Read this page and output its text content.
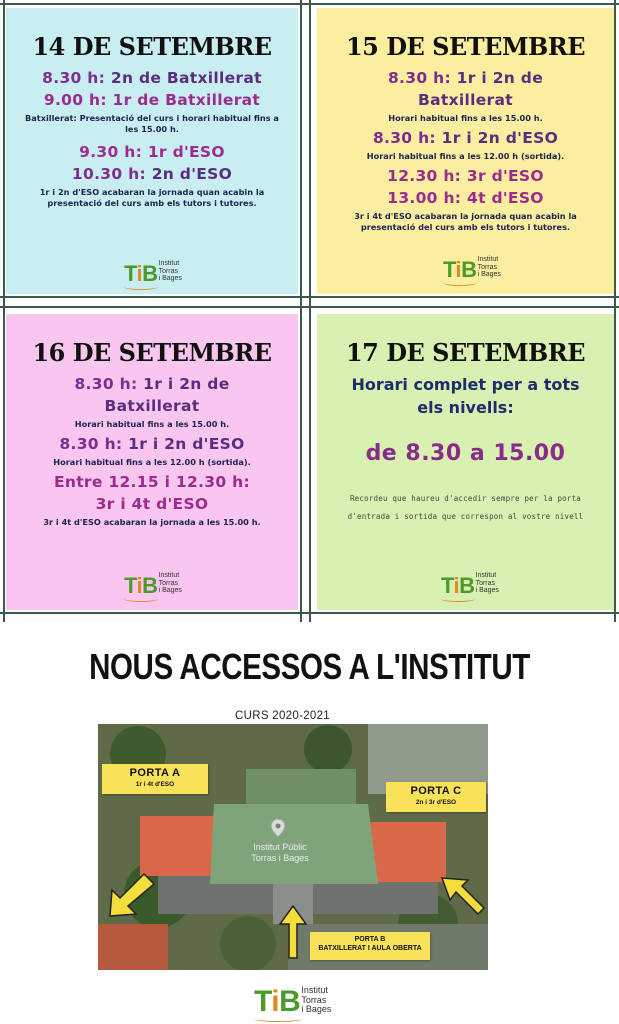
14 DE SETEMBRE
8.30 h: 2n de Batxillerat
9.00 h: 1r de Batxillerat
Batxillerat: Presentació del curs i horari habitual fins a les 15.00 h.
9.30 h: 1r d'ESO
10.30 h: 2n d'ESO
1r i 2n d'ESO acabaran la jornada quan acabin la presentació del curs amb els tutors i tutores.
TiB Institut
Torras
i Bages
15 DE SETEMBRE
8.30 h: 1r i 2n de
Batxillerat
Horari habitual fins a les 15.00 h.
8.30 h: 1r i 2n d'ESO
Horari habitual fins a les 12.00 h (sortida).
12.30 h: 3r d'ESO
13.00 h: 4t d'ESO
3r i 4t d'ESO acabaran la jornada quan acabin la presentació del curs amb els tutors i tutores.
TiB Institut
Torras
i Bages
16 DE SETEMBRE
8.30 h: 1r i 2n de
Batxillerat
Horari habitual fins a les 15.00 h.
8.30 h: 1r i 2n d'ESO
Horari habitual fins a les 12.00 h (sortida).
Entre 12.15 i 12.30 h:
3r i 4t d'ESO
3r i 4t d'ESO acabaran la jornada a les 15.00 h.
TiB Institut
Torras
i Bages
17 DE SETEMBRE
Horari complet per a tots els nivells:
de 8.30 a 15.00
Recordeu que haureu d'accedir sempre per la porta d'entrada i sortida que correspon al vostre nivell
TiB Institut
Torras
i Bages
NOUS ACCESSOS A L'INSTITUT
CURS 2020-2021
PORTA A
1r i 4t d'ESO
PORTA C
2n i 3r d'ESO
PORTA B
BATXILLERAT I AULA OBERTA
Institut Públic Torras i Bages
TiB Institut
Torras
i Bages
